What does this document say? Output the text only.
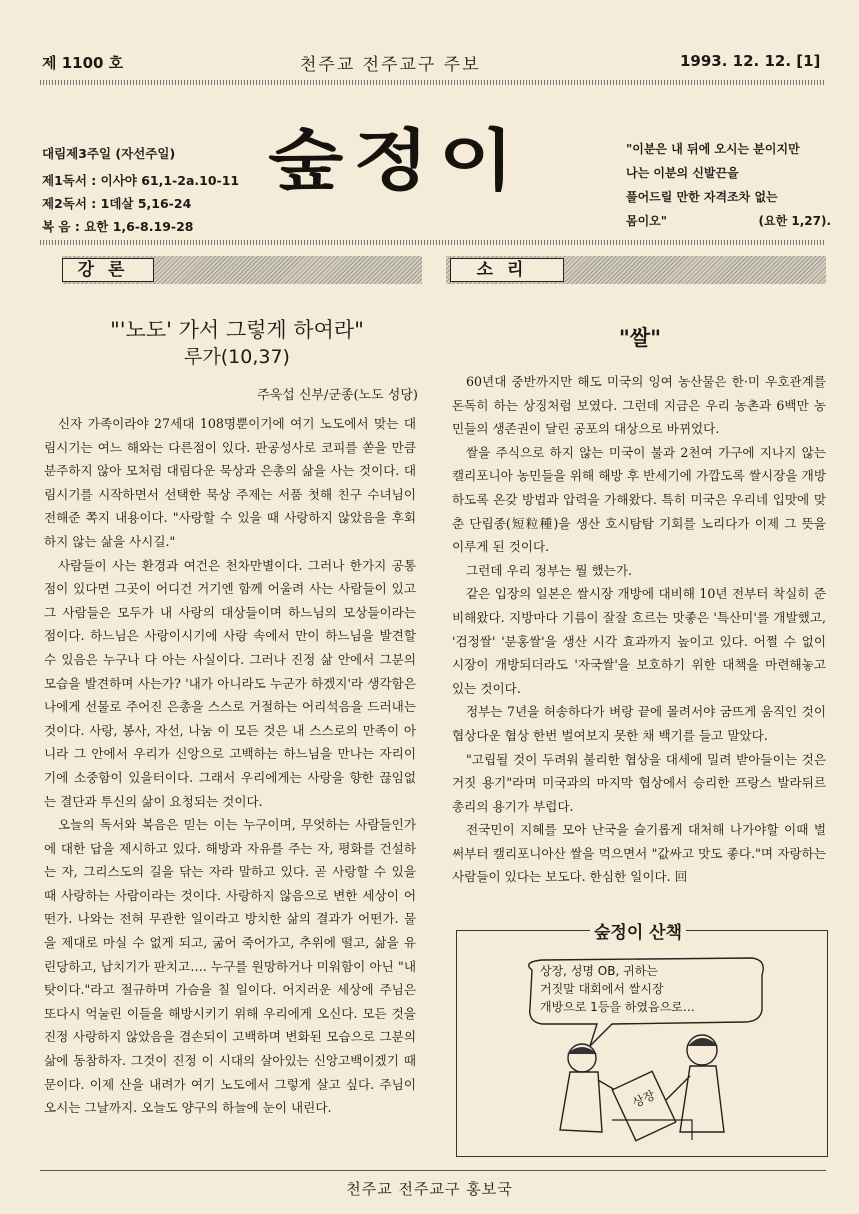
제 1100 호	천주교 전주교구 주보	1993. 12. 12. [1]
대림제3주일 (자선주일)
제1독서 : 이사야 61,1-2a.10-11
제2독서 : 1데살 5,16-24
복 음 : 요한 1,6-8.19-28
숲정이	"이분은 내 뒤에 오시는 분이지만
나는 이분의 신발끈을
풀어드릴 만한 자격조차 없는
몸이오"	(요한 1,27).
강론
"'노도' 가서 그렇게 하여라"
루가(10,37)
주욱섭 신부/군종(노도 성당)

신자 가족이라야 27세대 108명뿐이기에 여기 노도에서 맞는 대림시기는 여느 해와는 다른점이 있다. 판공성사로 코피를 쏟을 만큼 분주하지 않아 모처럼 대림다운 묵상과 은총의 삶을 사는 것이다. 대림시기를 시작하면서 선택한 묵상 주제는 서품 첫해 친구 수녀님이 전해준 쪽지 내용이다. "사랑할 수 있을 때 사랑하지 않았음을 후회하지 않는 삶을 사시길."

사람들이 사는 환경과 여건은 천차만별이다. 그러나 한가지 공통점이 있다면 그곳이 어디건 거기엔 함께 어울려 사는 사람들이 있고 그 사람들은 모두가 내 사랑의 대상들이며 하느님의 모상들이라는 점이다. 하느님은 사랑이시기에 사랑 속에서 만이 하느님을 발견할 수 있음은 누구나 다 아는 사실이다. 그러나 진정 삶 안에서 그분의 모습을 발견하며 사는가? '내가 아니라도 누군가 하겠지'라 생각함은 나에게 선물로 주어진 은총을 스스로 거절하는 어리석음을 드러내는 것이다. 사랑, 봉사, 자선, 나눔 이 모든 것은 내 스스로의 만족이 아니라 그 안에서 우리가 신앙으로 고백하는 하느님을 만나는 자리이기에 소중함이 있을터이다. 그래서 우리에게는 사랑을 향한 끊임없는 결단과 투신의 삶이 요청되는 것이다.

오늘의 독서와 복음은 믿는 이는 누구이며, 무엇하는 사람들인가에 대한 답을 제시하고 있다. 해방과 자유를 주는 자, 평화를 건설하는 자, 그리스도의 길을 닦는 자라 말하고 있다. 곧 사랑할 수 있을 때 사랑하는 사람이라는 것이다. 사랑하지 않음으로 변한 세상이 어떤가. 나와는 전혀 무관한 일이라고 방치한 삶의 결과가 어떤가. 물을 제대로 마실 수 없게 되고, 굶어 죽어가고, 추위에 떨고, 삶을 유린당하고, 납치기가 판치고…. 누구를 원망하거나 미워함이 아닌 "내 탓이다."라고 절규하며 가슴을 칠 일이다. 어지러운 세상에 주님은 또다시 억눌린 이들을 해방시키기 위해 우리에게 오신다. 모든 것을 진정 사랑하지 않았음을 겸손되이 고백하며 변화된 모습으로 그분의 삶에 동참하자. 그것이 진정 이 시대의 살아있는 신앙고백이겠기 때문이다. 이제 산을 내려가 여기 노도에서 그렇게 살고 싶다. 주님이 오시는 그날까지. 오늘도 양구의 하늘에 눈이 내린다.

소리
"쌀"

60년대 중반까지만 해도 미국의 잉여 농산물은 한·미 우호관계를 돈독히 하는 상징처럼 보였다. 그런데 지금은 우리 농촌과 6백만 농민들의 생존권이 달린 공포의 대상으로 바뀌었다.

쌀을 주식으로 하지 않는 미국이 불과 2천여 가구에 지나지 않는 캘리포니아 농민들을 위해 해방 후 반세기에 가깝도록 쌀시장을 개방하도록 온갖 방법과 압력을 가해왔다. 특히 미국은 우리네 입맛에 맞춘 단립종(短粒種)을 생산 호시탐탐 기회를 노리다가 이제 그 뜻을 이루게 된 것이다.

그런데 우리 정부는 뭘 했는가.

같은 입장의 일본은 쌀시장 개방에 대비해 10년 전부터 착실히 준비해왔다. 지방마다 기름이 잘잘 흐르는 맛좋은 '특산미'를 개발했고, '검정쌀' '분홍쌀'을 생산 시각 효과까지 높이고 있다. 어쩔 수 없이 시장이 개방되더라도 '자국쌀'을 보호하기 위한 대책을 마련해놓고 있는 것이다.

정부는 7년을 허송하다가 벼랑 끝에 몰려서야 굼뜨게 움직인 것이 협상다운 협상 한번 벌여보지 못한 채 백기를 들고 말았다.

"고립될 것이 두려워 불리한 협상을 대세에 밀려 받아들이는 것은 거짓 용기"라며 미국과의 마지막 협상에서 승리한 프랑스 발라뒤르 총리의 용기가 부럽다.

전국민이 지혜를 모아 난국을 슬기롭게 대처해 나가야할 이때 벌써부터 캘리포니아산 쌀을 먹으면서 "값싸고 맛도 좋다."며 자랑하는 사람들이 있다는 보도다. 한심한 일이다. 回

숲정이 산책
상장, 성명 OB, 귀하는
거짓말 대회에서 쌀시장
개방으로 1등을 하였음으로…
상장
천주교 전주교구 홍보국
